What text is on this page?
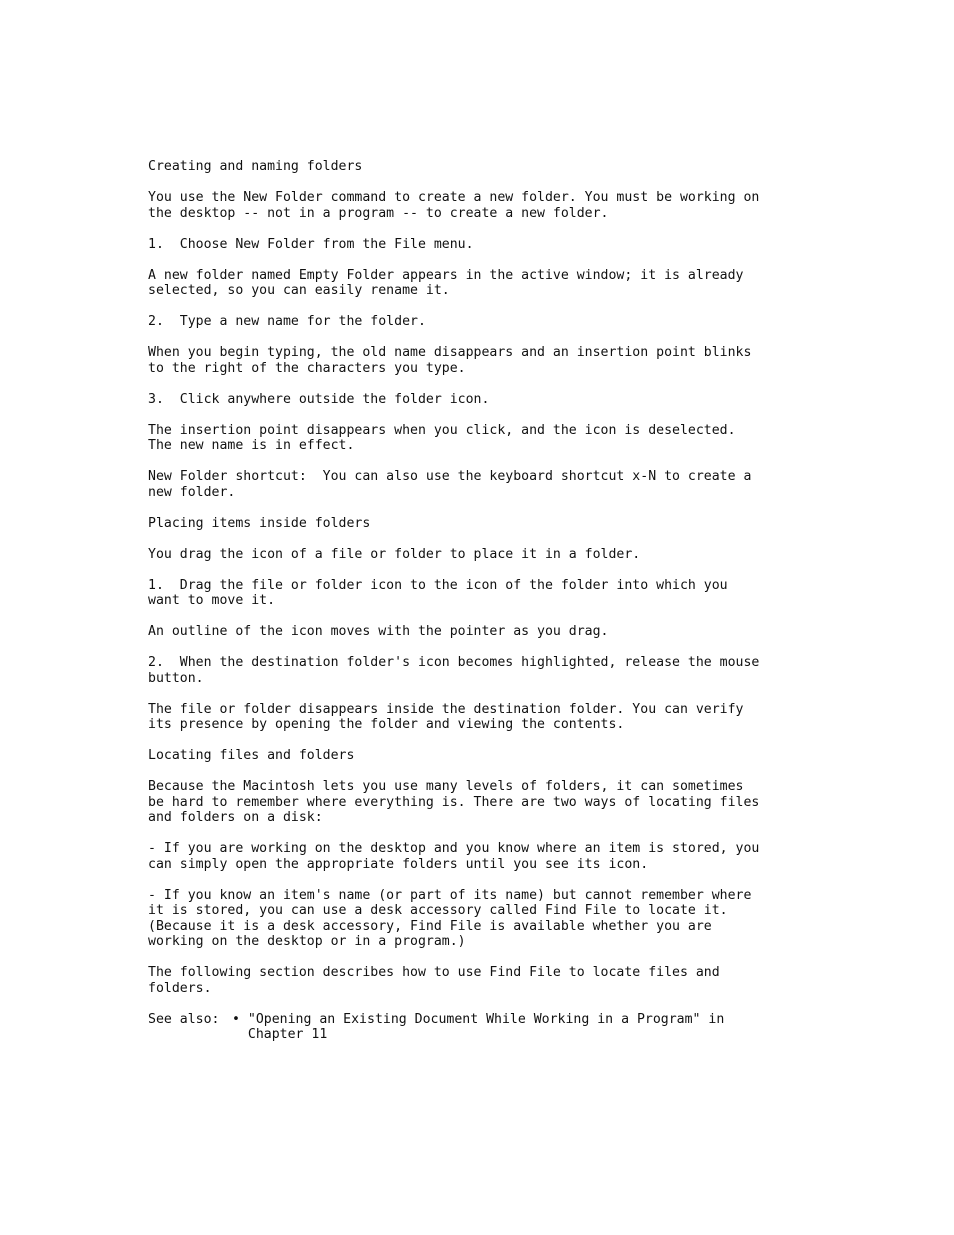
Creating and naming folders
You use the New Folder command to create a new folder. You must be working on
the desktop -- not in a program -- to create a new folder.
1.  Choose New Folder from the File menu.
A new folder named Empty Folder appears in the active window; it is already
selected, so you can easily rename it.
2.  Type a new name for the folder.
When you begin typing, the old name disappears and an insertion point blinks
to the right of the characters you type.
3.  Click anywhere outside the folder icon.
The insertion point disappears when you click, and the icon is deselected.
The new name is in effect.
New Folder shortcut:  You can also use the keyboard shortcut x-N to create a
new folder.
Placing items inside folders
You drag the icon of a file or folder to place it in a folder.
1.  Drag the file or folder icon to the icon of the folder into which you
want to move it.
An outline of the icon moves with the pointer as you drag.
2.  When the destination folder's icon becomes highlighted, release the mouse
button.
The file or folder disappears inside the destination folder. You can verify
its presence by opening the folder and viewing the contents.
Locating files and folders
Because the Macintosh lets you use many levels of folders, it can sometimes
be hard to remember where everything is. There are two ways of locating files
and folders on a disk:
- If you are working on the desktop and you know where an item is stored, you
can simply open the appropriate folders until you see its icon.
- If you know an item's name (or part of its name) but cannot remember where
it is stored, you can use a desk accessory called Find File to locate it.
(Because it is a desk accessory, Find File is available whether you are
working on the desktop or in a program.)
The following section describes how to use Find File to locate files and
folders.
See also: • "Opening an Existing Document While Working in a Program" in
Chapter 11
